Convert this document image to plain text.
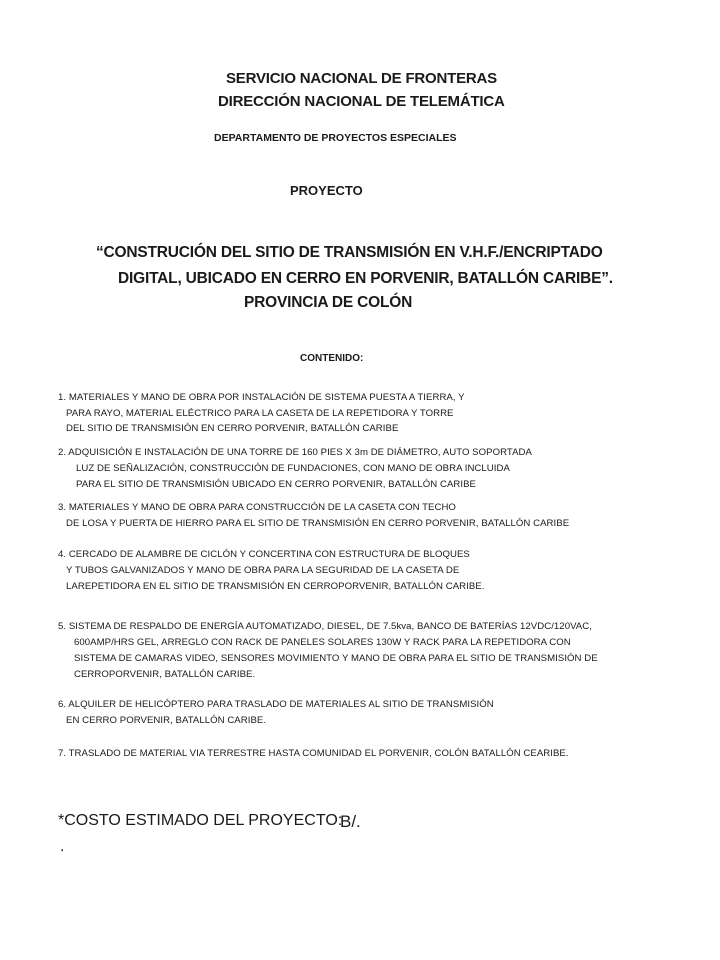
SERVICIO NACIONAL DE FRONTERAS
DIRECCIÓN NACIONAL DE TELEMÁTICA
DEPARTAMENTO DE PROYECTOS ESPECIALES
PROYECTO
“CONSTRUCIÓN DEL SITIO DE TRANSMISIÓN EN V.H.F./ENCRIPTADO
DIGITAL, UBICADO EN CERRO EN PORVENIR, BATALLÓN CARIBE”.
PROVINCIA DE COLÓN
CONTENIDO:
1. MATERIALES Y MANO DE OBRA POR INSTALACIÓN DE SISTEMA PUESTA A TIERRA, Y
PARA RAYO, MATERIAL ELÉCTRICO PARA LA CASETA DE LA REPETIDORA Y TORRE
DEL SITIO DE TRANSMISIÓN EN CERRO PORVENIR, BATALLÓN CARIBE
2. ADQUISICIÓN E INSTALACIÓN DE UNA TORRE DE 160 PIES X 3m DE DIÁMETRO, AUTO SOPORTADA
LUZ DE SEÑALIZACIÓN, CONSTRUCCIÓN DE FUNDACIONES, CON MANO DE OBRA INCLUIDA
PARA EL SITIO DE TRANSMISIÓN UBICADO EN CERRO PORVENIR, BATALLÓN CARIBE
3. MATERIALES Y MANO DE OBRA PARA CONSTRUCCIÓN DE LA CASETA CON TECHO
DE LOSA Y PUERTA DE HIERRO PARA EL SITIO DE TRANSMISIÓN EN CERRO PORVENIR, BATALLÓN CARIBE
4. CERCADO DE ALAMBRE DE CICLÓN Y CONCERTINA CON ESTRUCTURA DE BLOQUES
Y TUBOS GALVANIZADOS Y MANO DE OBRA PARA LA SEGURIDAD DE LA CASETA DE
LAREPETIDORA EN EL SITIO DE TRANSMISIÓN EN CERROPORVENIR, BATALLÓN CARIBE.
5. SISTEMA DE RESPALDO DE ENERGÍA AUTOMATIZADO, DIESEL, DE 7.5kva, BANCO DE BATERÍAS 12VDC/120VAC,
600AMP/HRS GEL, ARREGLO CON RACK DE PANELES SOLARES 130W Y RACK PARA LA REPETIDORA CON
SISTEMA DE CAMARAS VIDEO, SENSORES MOVIMIENTO Y MANO DE OBRA PARA EL SITIO DE TRANSMISIÓN DE
CERROPORVENIR, BATALLÓN CARIBE.
6. ALQUILER DE HELICÓPTERO PARA TRASLADO DE MATERIALES AL SITIO DE TRANSMISIÓN
EN CERRO PORVENIR, BATALLÓN CARIBE.
7. TRASLADO DE MATERIAL VIA TERRESTRE HASTA COMUNIDAD EL PORVENIR, COLÓN BATALLÓN CEARIBE.
*COSTO ESTIMADO DEL PROYECTO:
B/.
.
